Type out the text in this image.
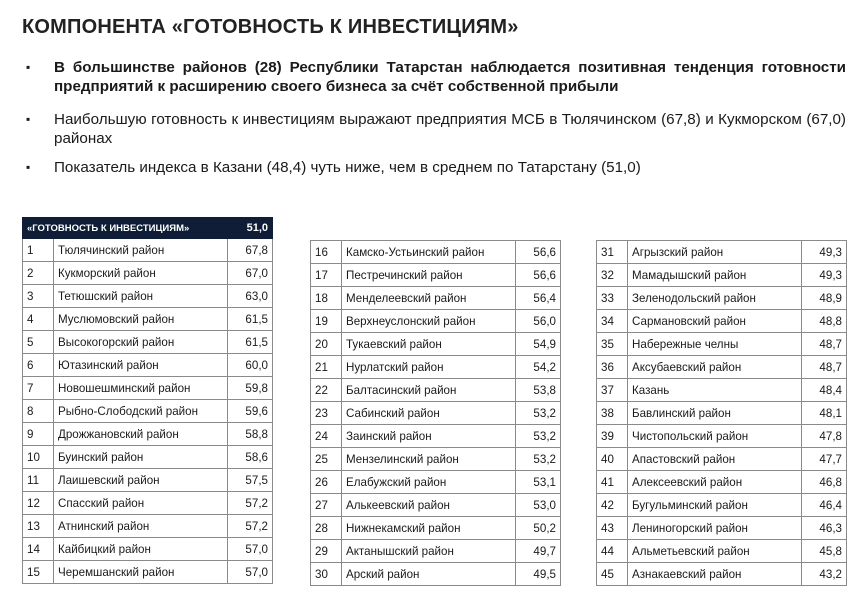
КОМПОНЕНТА «ГОТОВНОСТЬ К ИНВЕСТИЦИЯМ»
▪ В большинстве районов (28) Республики Татарстан наблюдается позитивная тенденция готовности предприятий к расширению своего бизнеса за счёт собственной прибыли
▪ Наибольшую готовность к инвестициям выражают предприятия МСБ в Тюлячинском (67,8) и Кукморском (67,0) районах
▪ Показатель индекса в Казани (48,4) чуть ниже, чем в среднем по Татарстану (51,0)
«ГОТОВНОСТЬ К ИНВЕСТИЦИЯМ»		51,0
1	Тюлячинский район	67,8
2	Кукморский район	67,0
3	Тетюшский район	63,0
4	Муслюмовский район	61,5
5	Высокогорский район	61,5
6	Ютазинский район	60,0
7	Новошешминский район	59,8
8	Рыбно-Слободский район	59,6
9	Дрожжановский район	58,8
10	Буинский район	58,6
11	Лаишевский район	57,5
12	Спасский район	57,2
13	Атнинский район	57,2
14	Кайбицкий район	57,0
15	Черемшанский район	57,0
16	Камско-Устьинский район	56,6
17	Пестречинский район	56,6
18	Менделеевский район	56,4
19	Верхнеуслонский район	56,0
20	Тукаевский район	54,9
21	Нурлатский район	54,2
22	Балтасинский район	53,8
23	Сабинский район	53,2
24	Заинский район	53,2
25	Мензелинский район	53,2
26	Елабужский район	53,1
27	Алькеевский район	53,0
28	Нижнекамский район	50,2
29	Актанышский район	49,7
30	Арский район	49,5
31	Агрызский район	49,3
32	Мамадышский район	49,3
33	Зеленодольский район	48,9
34	Сармановский район	48,8
35	Набережные челны	48,7
36	Аксубаевский район	48,7
37	Казань	48,4
38	Бавлинский район	48,1
39	Чистопольский район	47,8
40	Апастовский район	47,7
41	Алексеевский район	46,8
42	Бугульминский район	46,4
43	Лениногорский район	46,3
44	Альметьевский район	45,8
45	Азнакаевский район	43,2
